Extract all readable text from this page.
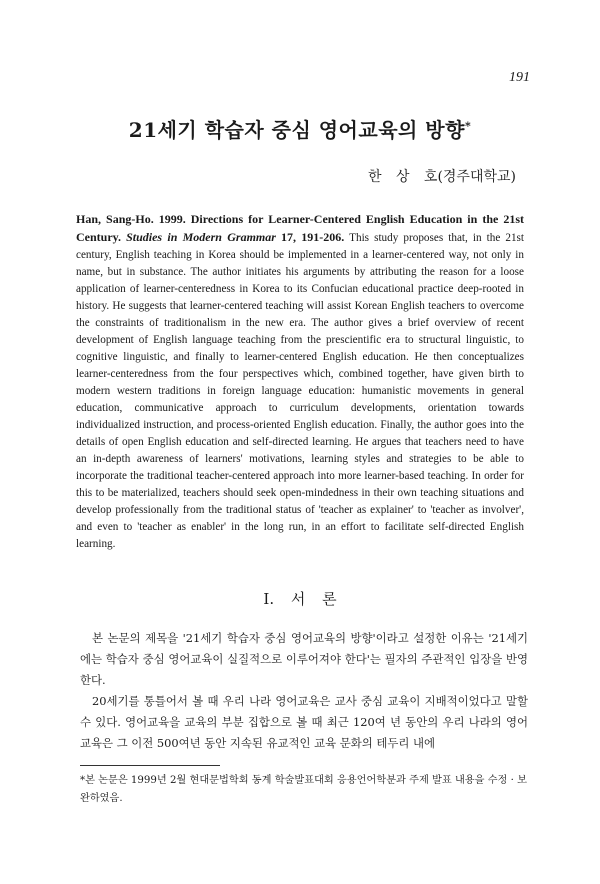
191
21세기 학습자 중심 영어교육의 방향*
한 상 호(경주대학교)
Han, Sang-Ho. 1999. Directions for Learner-Centered English Education in the 21st Century. Studies in Modern Grammar 17, 191-206. This study proposes that, in the 21st century, English teaching in Korea should be implemented in a learner-centered way, not only in name, but in substance. The author initiates his arguments by attributing the reason for a loose application of learner-centeredness in Korea to its Confucian educational practice deep-rooted in history. He suggests that learner-centered teaching will assist Korean English teachers to overcome the constraints of traditionalism in the new era. The author gives a brief overview of recent development of English language teaching from the prescientific era to structural linguistic, to cognitive linguistic, and finally to learner-centered English education. He then conceptualizes learner-centeredness from the four perspectives which, combined together, have given birth to modern western traditions in foreign language education: humanistic movements in general education, communicative approach to curriculum developments, orientation towards individualized instruction, and process-oriented English education. Finally, the author goes into the details of open English education and self-directed learning. He argues that teachers need to have an in-depth awareness of learners' motivations, learning styles and strategies to be able to incorporate the traditional teacher-centered approach into more learner-based teaching. In order for this to be materialized, teachers should seek open-mindedness in their own teaching situations and develop professionally from the traditional status of 'teacher as explainer' to 'teacher as involver', and even to 'teacher as enabler' in the long run, in an effort to facilitate self-directed English learning.
I. 서 론

본 논문의 제목을 '21세기 학습자 중심 영어교육의 방향'이라고 설정한 이유는 '21세기에는 학습자 중심 영어교육이 실질적으로 이루어져야 한다'는 필자의 주관적인 입장을 반영한다.

20세기를 통틀어서 볼 때 우리 나라 영어교육은 교사 중심 교육이 지배적이었다고 말할 수 있다. 영어교육을 교육의 부분 집합으로 볼 때 최근 120여 년 동안의 우리 나라의 영어교육은 그 이전 500여년 동안 지속된 유교적인 교육 문화의 테두리 내에

*본 논문은 1999년 2월 현대문법학회 동계 학술발표대회 응용언어학분과 주제 발표 내용을 수정 · 보완하였음.
